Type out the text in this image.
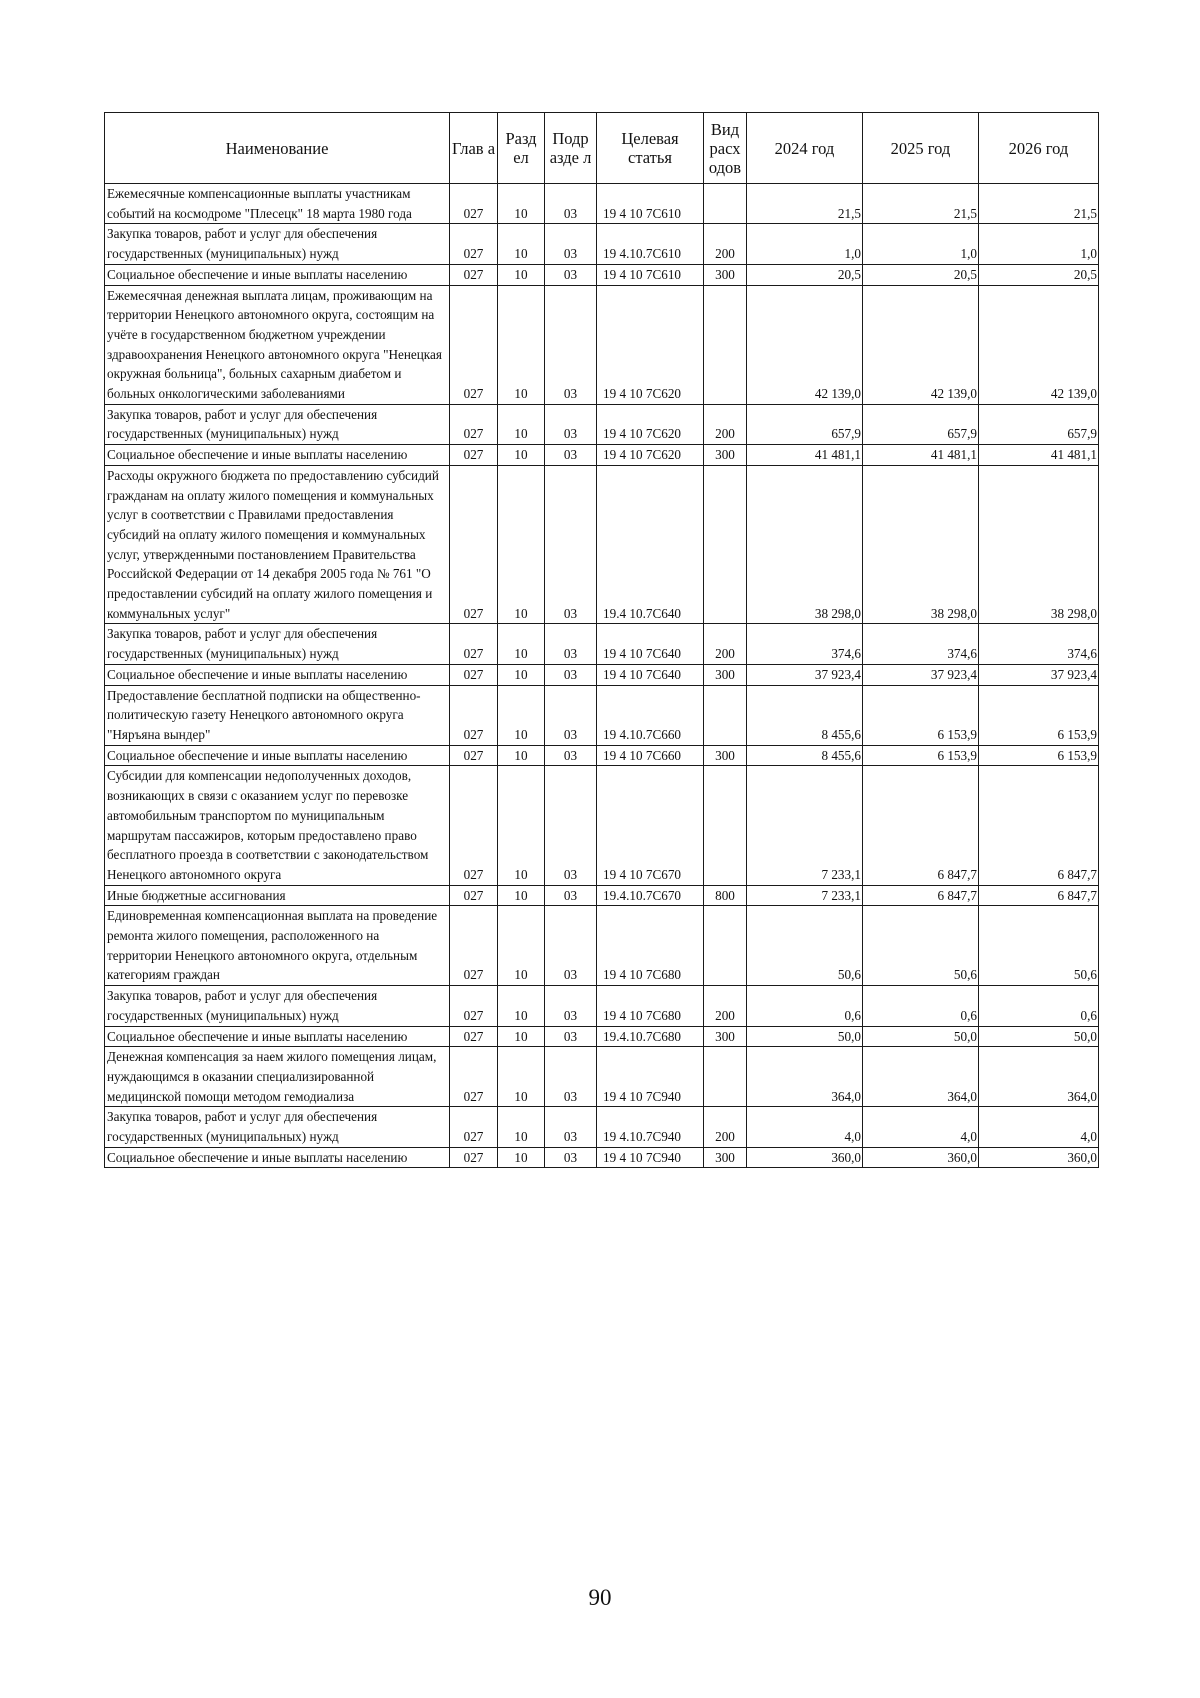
Наименование	Глав а	Разд ел	Подр азде л	Целевая статья	Вид расх одов	2024 год	2025 год	2026 год
Ежемесячные компенсационные выплаты участникам событий на космодроме "Плесецк" 18 марта 1980 года	027	10	03	19 4 10 7С610		21,5	21,5	21,5
Закупка товаров, работ и услуг для обеспечения государственных (муниципальных) нужд	027	10	03	19 4.10.7С610	200	1,0	1,0	1,0
Социальное обеспечение и иные выплаты населению	027	10	03	19 4 10 7С610	300	20,5	20,5	20,5
Ежемесячная денежная выплата лицам, проживающим на территории Ненецкого автономного округа, состоящим на учёте в государственном бюджетном учреждении здравоохранения Ненецкого автономного округа "Ненецкая окружная больница", больных сахарным диабетом и больных онкологическими заболеваниями	027	10	03	19 4 10 7С620		42 139,0	42 139,0	42 139,0
Закупка товаров, работ и услуг для обеспечения государственных (муниципальных) нужд	027	10	03	19 4 10 7С620	200	657,9	657,9	657,9
Социальное обеспечение и иные выплаты населению	027	10	03	19 4 10 7С620	300	41 481,1	41 481,1	41 481,1
Расходы окружного бюджета по предоставлению субсидий гражданам на оплату жилого помещения и коммунальных услуг в соответствии с Правилами предоставления субсидий на оплату жилого помещения и коммунальных услуг, утвержденными постановлением Правительства Российской Федерации от 14 декабря 2005 года № 761 "О предоставлении субсидий на оплату жилого помещения и коммунальных услуг"	027	10	03	19.4 10.7С640		38 298,0	38 298,0	38 298,0
Закупка товаров, работ и услуг для обеспечения государственных (муниципальных) нужд	027	10	03	19 4 10 7С640	200	374,6	374,6	374,6
Социальное обеспечение и иные выплаты населению	027	10	03	19 4 10 7С640	300	37 923,4	37 923,4	37 923,4
Предоставление бесплатной подписки на общественно-политическую газету Ненецкого автономного округа "Няръяна вындер"	027	10	03	19 4.10.7С660		8 455,6	6 153,9	6 153,9
Социальное обеспечение и иные выплаты населению	027	10	03	19 4 10 7С660	300	8 455,6	6 153,9	6 153,9
Субсидии для компенсации недополученных доходов, возникающих в связи с оказанием услуг по перевозке автомобильным транспортом по муниципальным маршрутам пассажиров, которым предоставлено право бесплатного проезда в соответствии с законодательством Ненецкого автономного округа	027	10	03	19 4 10 7С670		7 233,1	6 847,7	6 847,7
Иные бюджетные ассигнования	027	10	03	19.4.10.7С670	800	7 233,1	6 847,7	6 847,7
Единовременная компенсационная выплата на проведение ремонта жилого помещения, расположенного на территории Ненецкого автономного округа, отдельным категориям граждан	027	10	03	19 4 10 7С680		50,6	50,6	50,6
Закупка товаров, работ и услуг для обеспечения государственных (муниципальных) нужд	027	10	03	19 4 10 7С680	200	0,6	0,6	0,6
Социальное обеспечение и иные выплаты населению	027	10	03	19.4.10.7С680	300	50,0	50,0	50,0
Денежная компенсация за наем жилого помещения лицам, нуждающимся в оказании специализированной медицинской помощи методом гемодиализа	027	10	03	19 4 10 7С940		364,0	364,0	364,0
Закупка товаров, работ и услуг для обеспечения государственных (муниципальных) нужд	027	10	03	19 4.10.7С940	200	4,0	4,0	4,0
Социальное обеспечение и иные выплаты населению	027	10	03	19 4 10 7С940	300	360,0	360,0	360,0
90
